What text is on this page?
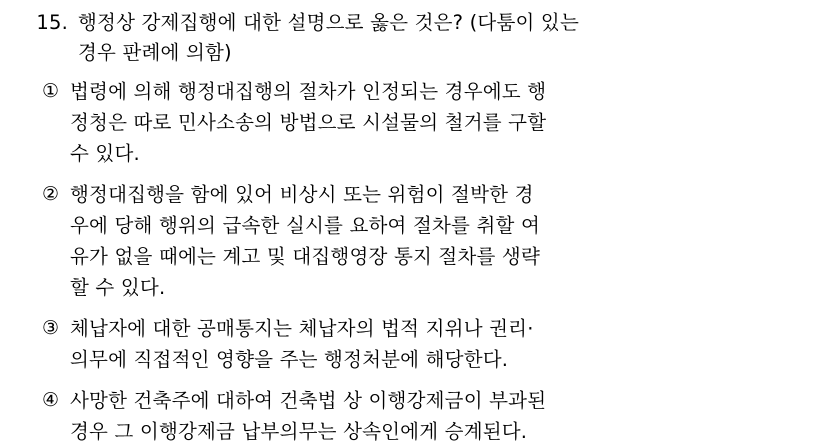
15. 행정상 강제집행에 대한 설명으로 옳은 것은? (다툼이 있는
경우 판례에 의함)
① 법령에 의해 행정대집행의 절차가 인정되는 경우에도 행
정청은 따로 민사소송의 방법으로 시설물의 철거를 구할
수 있다.
② 행정대집행을 함에 있어 비상시 또는 위험이 절박한 경
우에 당해 행위의 급속한 실시를 요하여 절차를 취할 여
유가 없을 때에는 계고 및 대집행영장 통지 절차를 생략
할 수 있다.
③ 체납자에 대한 공매통지는 체납자의 법적 지위나 권리·
의무에 직접적인 영향을 주는 행정처분에 해당한다.
④ 사망한 건축주에 대하여 건축법 상 이행강제금이 부과된
경우 그 이행강제금 납부의무는 상속인에게 승계된다.
